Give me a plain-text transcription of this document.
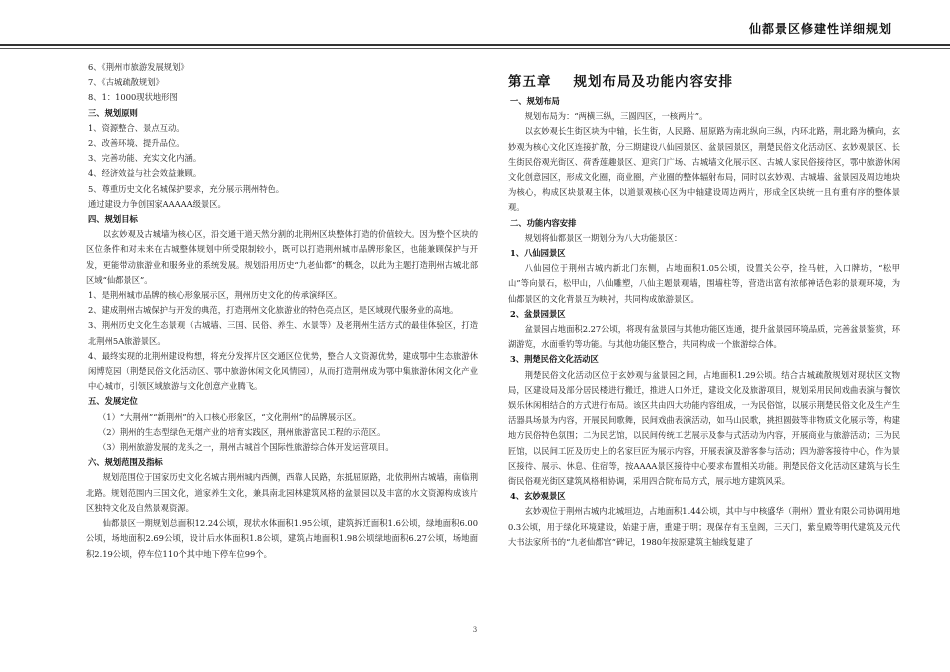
仙都景区修建性详细规划

6、《荆州市旅游发展规划》

7、《古城疏散规划》

8、1：1000现状地形图

三、规划原则

1、资源整合、景点互动。

2、改善环境、提升品位。

3、完善功能、充实文化内涵。

4、经济效益与社会效益兼顾。

5、尊重历史文化名城保护要求，充分展示荆州特色。

通过建设力争创国家AAAAA级景区。

四、规划目标

以玄妙观及古城墙为核心区，沿交通干道天然分割的北荆州区块整体打造的价值较大。因为整个区块的区位条件和对未来在古城整体规划中所受限制较小，既可以打造荆州城市品牌形象区，也能兼顾保护与开发，更能带动旅游业和服务业的系统发展。规划沿用历史“九老仙都”的概念，以此为主题打造荆州古城北部区域“仙都景区”。

1、是荆州城市品牌的核心形象展示区，荆州历史文化的传承演绎区。

2、建成荆州古城保护与开发的典范，打造荆州文化旅游业的特色亮点区，是区域现代服务业的高地。

3、荆州历史文化生态景观（古城墙、三国、民俗、养生、水景等）及老荆州生活方式的最佳体验区，打造北荆州5A旅游景区。

4、最终实现的北荆州建设构想，将充分发挥片区交通区位优势，整合人文资源优势，建成鄂中生态旅游休闲博览园（荆楚民俗文化活动区、鄂中旅游休闲文化风情园），从而打造荆州成为鄂中集旅游休闲文化产业中心城市，引领区域旅游与文化创意产业腾飞。

五、发展定位

（1）“大荆州”“新荆州”的入口核心形象区，“文化荆州”的品牌展示区。

（2）荆州的生态型绿色无烟产业的培育实践区，荆州旅游富民工程的示范区。

（3）荆州旅游发展的龙头之一，荆州古城首个国际性旅游综合体开发运营项目。

六、规划范围及指标

规划范围位于国家历史文化名城古荆州城内西侧，西靠人民路，东抵屈原路，北依荆州古城墙，南临荆北路。规划范围内三国文化，道家养生文化，兼具南北园林建筑风格的盆景园以及丰富的水文资源构成该片区独特文化及自然景观资源。

仙都景区一期规划总面积12.24公顷，现状水体面积1.95公顷，建筑拆迁面积1.6公顷，绿地面积6.00公顷，场地面积2.69公顷，设计后水体面积1.8公顷，建筑占地面积1.98公顷绿地面积6.27公顷，场地面积2.19公顷，停车位110个其中地下停车位99个。

第五章 规划布局及功能内容安排

一、规划布局

规划布局为：“两横三纵，三圆四区，一核两片”。

以玄妙观长生街区块为中轴，长生街，人民路、屈原路为南北纵向三纵，内环北路，荆北路为横向，玄妙观为核心文化区连接扩散，分三期建设八仙园景区、盆景园景区，荆楚民俗文化活动区、玄妙观景区、长生街民俗观光街区、荷香莲趣景区、迎宾门广场、古城墙文化展示区、古城人家民俗接待区，鄂中旅游休闲文化创意园区，形成文化圈，商业圈，产业圈的整体辐射布局，同时以玄妙观、古城墙、盆景园及周边地块为核心，构成区块景观主体，以道景观核心区为中轴建设周边两片，形成全区块统一且有重有序的整体景观。

二、功能内容安排

规划将仙都景区一期划分为八大功能景区：

1、八仙园景区

八仙园位于荆州古城内新北门东侧，占地面积1.05公顷，设置关公亭，拴马桩，入口牌坊，“松甲山”等向景石，松甲山，八仙雕塑，八仙主题景观墙，围墙柱等，营造出富有浓郁神话色彩的景观环境，为仙都景区的文化背景互为映衬，共同构成旅游景区。

2、盆景园景区

盆景园占地面积2.27公顷，将现有盆景园与其他功能区连通，提升盆景园环境品质，完善盆景鉴赏，环湖游览，水面垂钓等功能。与其他功能区整合，共同构成一个旅游综合体。

3、荆楚民俗文化活动区

荆楚民俗文化活动区位于玄妙观与盆景园之间，占地面积1.29公顷。结合古城疏散规划对现状区文物局，区建设局及部分居民楼进行搬迁，推进人口外迁，建设文化及旅游项目，规划采用民间戏曲表演与餐饮娱乐休闲相结合的方式进行布局。该区共由四大功能内容组成，一为民俗馆，以展示荆楚民俗文化及生产生活器具场景为内容，开展民间歌舞，民间戏曲表演活动，如马山民歌，挑担圆鼓等非物质文化展示等，构建地方民俗特色氛围；二为民艺馆，以民间传统工艺展示及参与式活动为内容，开展商业与旅游活动；三为民匠馆，以民间工匠及历史上的名家巨匠为展示内容，开展表演及游客参与活动；四为游客接待中心，作为景区接待、展示、休息、住宿等，按AAAA景区接待中心要求布置相关功能。荆楚民俗文化活动区建筑与长生街民俗观光街区建筑风格相协调，采用四合院布局方式，展示地方建筑风采。

4、玄妙观景区

玄妙观位于荆州古城内北城垣边，占地面积1.44公顷，其中与中核盛华（荆州）置业有限公司协调用地0.3公顷，用于绿化环境建设，始建于唐，重建于明；现保存有玉皇阁，三天门，紫皇殿等明代建筑及元代大书法家所书的“九老仙都宫”碑记，1980年按原建筑主轴线复建了

3
